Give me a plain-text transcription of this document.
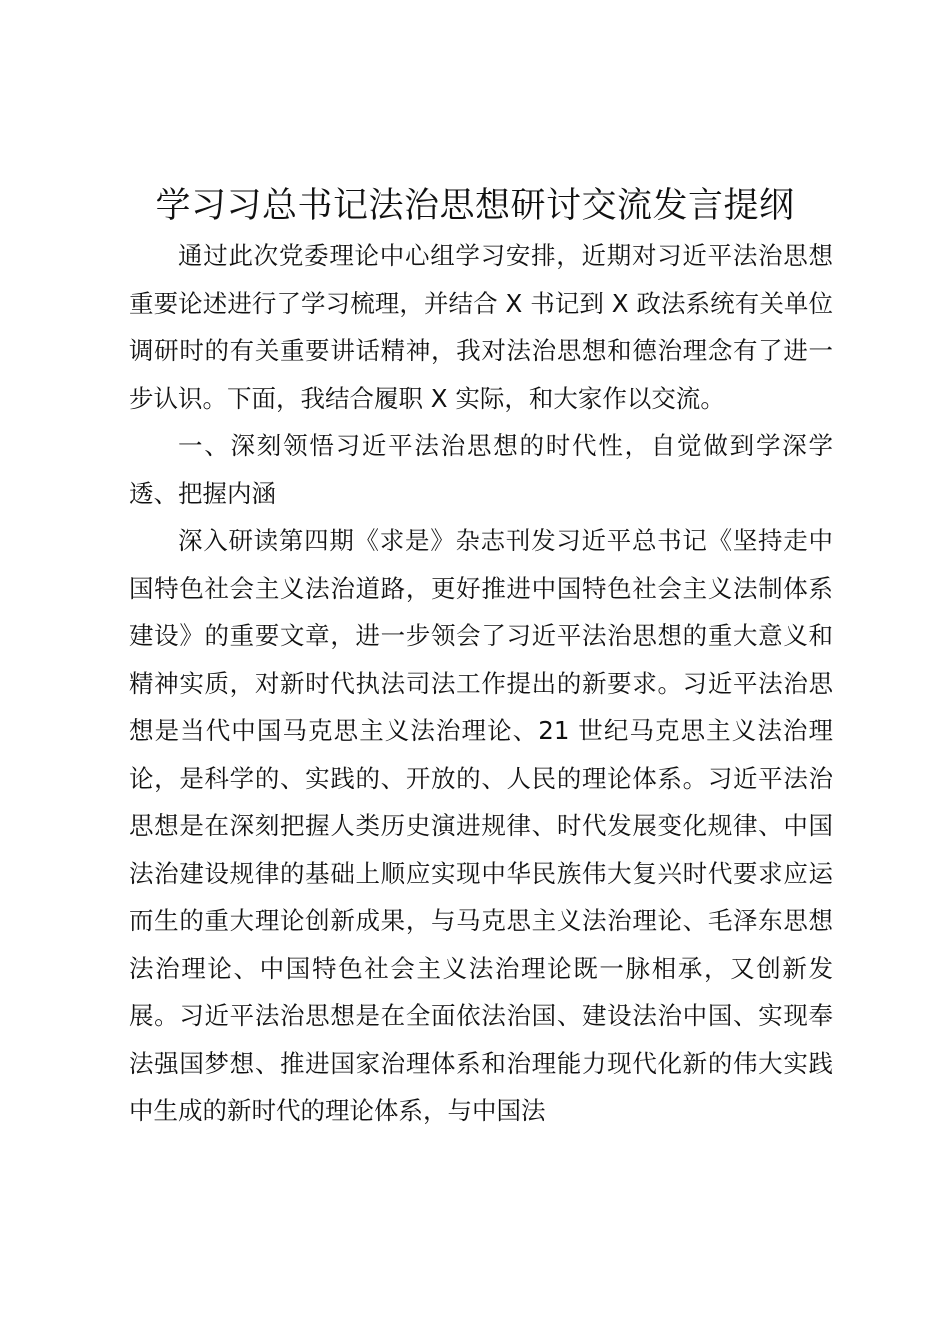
学习习总书记法治思想研讨交流发言提纲

通过此次党委理论中心组学习安排，近期对习近平法治思想重要论述进行了学习梳理，并结合 X 书记到 X 政法系统有关单位调研时的有关重要讲话精神，我对法治思想和德治理念有了进一步认识。下面，我结合履职 X 实际，和大家作以交流。

一、深刻领悟习近平法治思想的时代性，自觉做到学深学透、把握内涵

深入研读第四期《求是》杂志刊发习近平总书记《坚持走中国特色社会主义法治道路，更好推进中国特色社会主义法制体系建设》的重要文章，进一步领会了习近平法治思想的重大意义和精神实质，对新时代执法司法工作提出的新要求。习近平法治思想是当代中国马克思主义法治理论、21 世纪马克思主义法治理论，是科学的、实践的、开放的、人民的理论体系。习近平法治思想是在深刻把握人类历史演进规律、时代发展变化规律、中国法治建设规律的基础上顺应实现中华民族伟大复兴时代要求应运而生的重大理论创新成果，与马克思主义法治理论、毛泽东思想法治理论、中国特色社会主义法治理论既一脉相承，又创新发展。习近平法治思想是在全面依法治国、建设法治中国、实现奉法强国梦想、推进国家治理体系和治理能力现代化新的伟大实践中生成的新时代的理论体系，与中国法
